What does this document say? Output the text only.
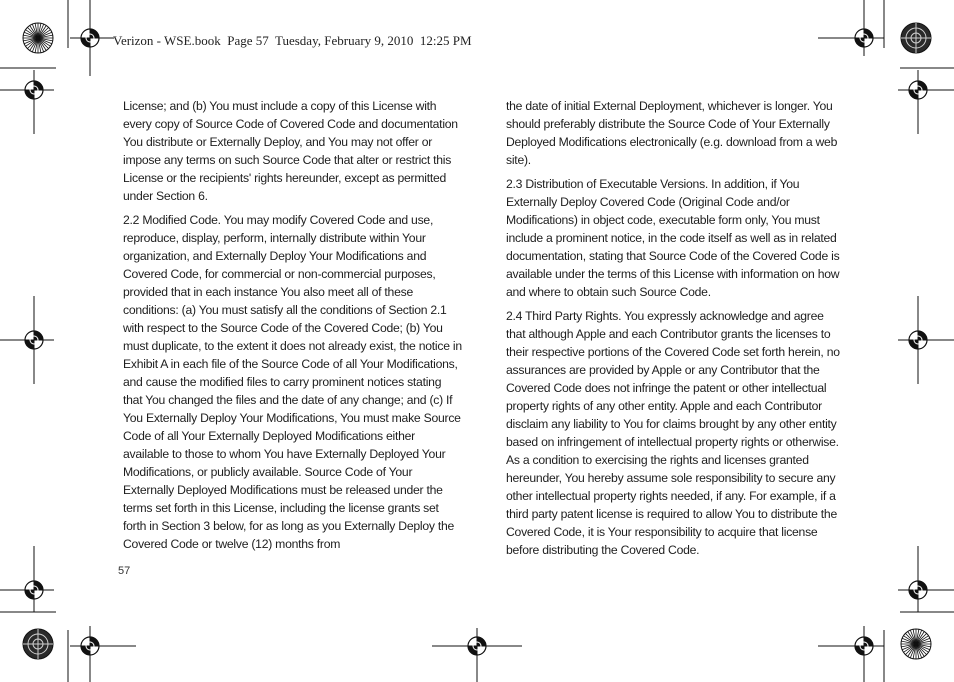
Verizon - WSE.book  Page 57  Tuesday, February 9, 2010  12:25 PM

License; and (b) You must include a copy of this License with every copy of Source Code of Covered Code and documentation You distribute or Externally Deploy, and You may not offer or impose any terms on such Source Code that alter or restrict this License or the recipients' rights hereunder, except as permitted under Section 6.

2.2 Modified Code. You may modify Covered Code and use, reproduce, display, perform, internally distribute within Your organization, and Externally Deploy Your Modifications and Covered Code, for commercial or non-commercial purposes, provided that in each instance You also meet all of these conditions: (a) You must satisfy all the conditions of Section 2.1 with respect to the Source Code of the Covered Code; (b) You must duplicate, to the extent it does not already exist, the notice in Exhibit A in each file of the Source Code of all Your Modifications, and cause the modified files to carry prominent notices stating that You changed the files and the date of any change; and (c) If You Externally Deploy Your Modifications, You must make Source Code of all Your Externally Deployed Modifications either available to those to whom You have Externally Deployed Your Modifications, or publicly available. Source Code of Your Externally Deployed Modifications must be released under the terms set forth in this License, including the license grants set forth in Section 3 below, for as long as you Externally Deploy the Covered Code or twelve (12) months from

the date of initial External Deployment, whichever is longer. You should preferably distribute the Source Code of Your Externally Deployed Modifications electronically (e.g. download from a web site).

2.3 Distribution of Executable Versions. In addition, if You Externally Deploy Covered Code (Original Code and/or Modifications) in object code, executable form only, You must include a prominent notice, in the code itself as well as in related documentation, stating that Source Code of the Covered Code is available under the terms of this License with information on how and where to obtain such Source Code.

2.4 Third Party Rights. You expressly acknowledge and agree that although Apple and each Contributor grants the licenses to their respective portions of the Covered Code set forth herein, no assurances are provided by Apple or any Contributor that the Covered Code does not infringe the patent or other intellectual property rights of any other entity. Apple and each Contributor disclaim any liability to You for claims brought by any other entity based on infringement of intellectual property rights or otherwise. As a condition to exercising the rights and licenses granted hereunder, You hereby assume sole responsibility to secure any other intellectual property rights needed, if any. For example, if a third party patent license is required to allow You to distribute the Covered Code, it is Your responsibility to acquire that license before distributing the Covered Code.

57
